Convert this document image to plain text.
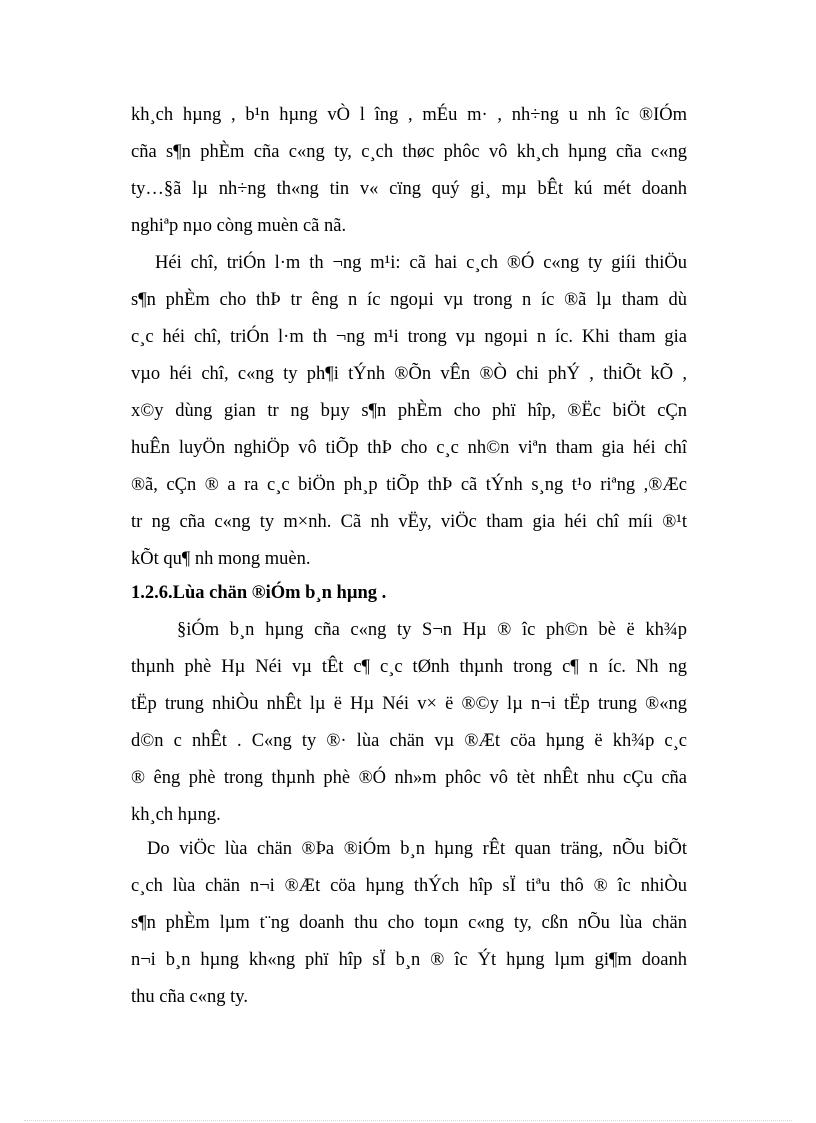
kh¸ch hµng , b¹n hµng vÒ l îng , mÉu m· , nh÷ng u nh îc ®IÓm
cña s¶n phÈm cña c«ng ty, c¸ch thøc phôc vô kh¸ch hµng cña c«ng
ty…§ã lµ nh÷ng th«ng tin v« cïng quý gi¸ mµ bÊt kú mét doanh
nghiªp nµo còng muèn cã nã.
Héi chî, triÓn l·m th ¬ng m¹i: cã hai c¸ch ®Ó c«ng ty giíi thiÖu
s¶n phÈm cho thÞ tr êng n íc ngoµi vµ trong n íc ®ã lµ tham dù
c¸c héi chî, triÓn l·m th ¬ng m¹i trong vµ ngoµi n íc. Khi tham gia
vµo héi chî, c«ng ty ph¶i tÝnh ®Õn vÊn ®Ò chi phÝ , thiÕt kÕ ,
x©y dùng gian tr ng bµy s¶n phÈm cho phï hîp, ®Ëc biÖt cÇn
huÊn luyÖn nghiÖp vô tiÕp thÞ cho c¸c nh©n viªn tham gia héi chî
®ã, cÇn ® a ra c¸c biÖn ph¸p tiÕp thÞ cã tÝnh s¸ng t¹o riªng ,®Æc
tr ng cña c«ng ty m×nh. Cã nh vËy, viÖc tham gia héi chî míi ®¹t
kÕt qu¶ nh mong muèn.
1.2.6.Lùa chän ®iÓm b¸n hµng .
§iÓm b¸n hµng cña c«ng ty S¬n Hµ ® îc ph©n bè ë kh¾p
thµnh phè Hµ Néi vµ tÊt c¶ c¸c tØnh thµnh trong c¶ n íc. Nh ng
tËp trung nhiÒu nhÊt lµ ë Hµ Néi v× ë ®©y lµ n¬i tËp trung ®«ng
d©n c nhÊt . C«ng ty ®· lùa chän vµ ®Æt cöa hµng ë kh¾p c¸c
® êng phè trong thµnh phè ®Ó nh»m phôc vô tèt nhÊt nhu cÇu cña
kh¸ch hµng.
Do viÖc lùa chän ®Þa ®iÓm b¸n hµng rÊt quan träng, nÕu biÕt
c¸ch lùa chän n¬i ®Æt cöa hµng thÝch hîp sÏ tiªu thô ® îc nhiÒu
s¶n phÈm lµm t¨ng doanh thu cho toµn c«ng ty, cßn nÕu lùa chän
n¬i b¸n hµng kh«ng phï hîp sÏ b¸n ® îc Ýt hµng lµm gi¶m doanh
thu cña c«ng ty.
